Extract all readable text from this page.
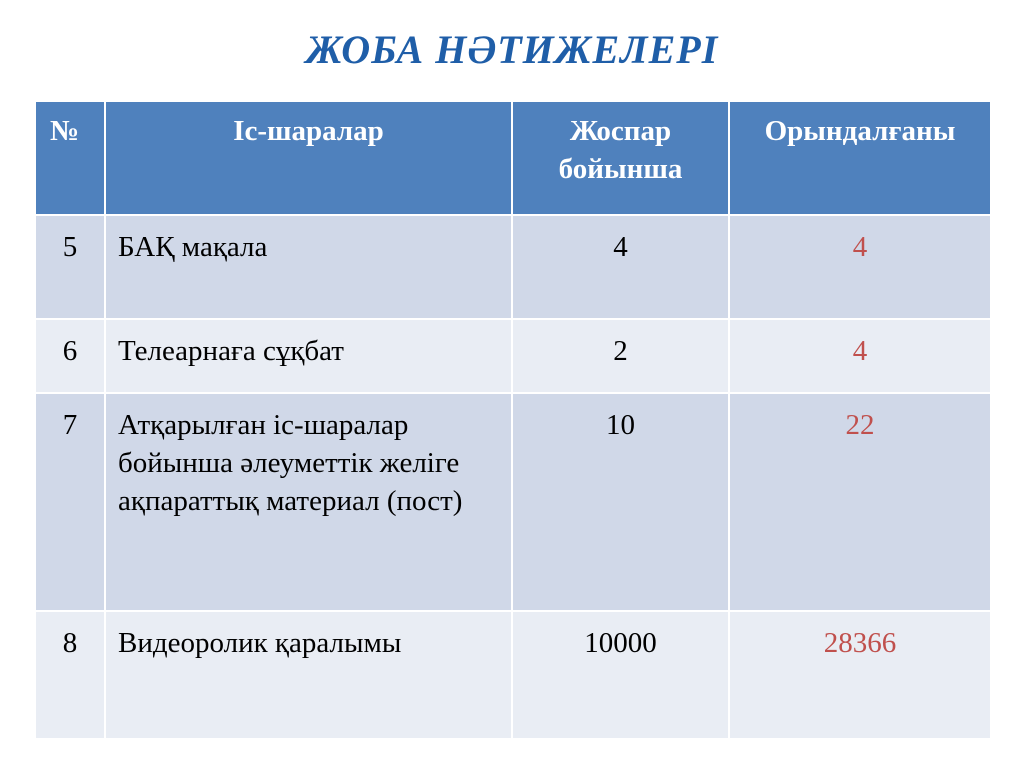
ЖОБА НӘТИЖЕЛЕРІ
№	Іс-шаралар	Жоспар бойынша	Орындалғаны
5	БАҚ мақала	4	4
6	Телеарнаға сұқбат	2	4
7	Атқарылған іс-шаралар бойынша әлеуметтік желіге ақпараттық материал (пост)	10	22
8	Видеоролик қаралымы	10000	28366
